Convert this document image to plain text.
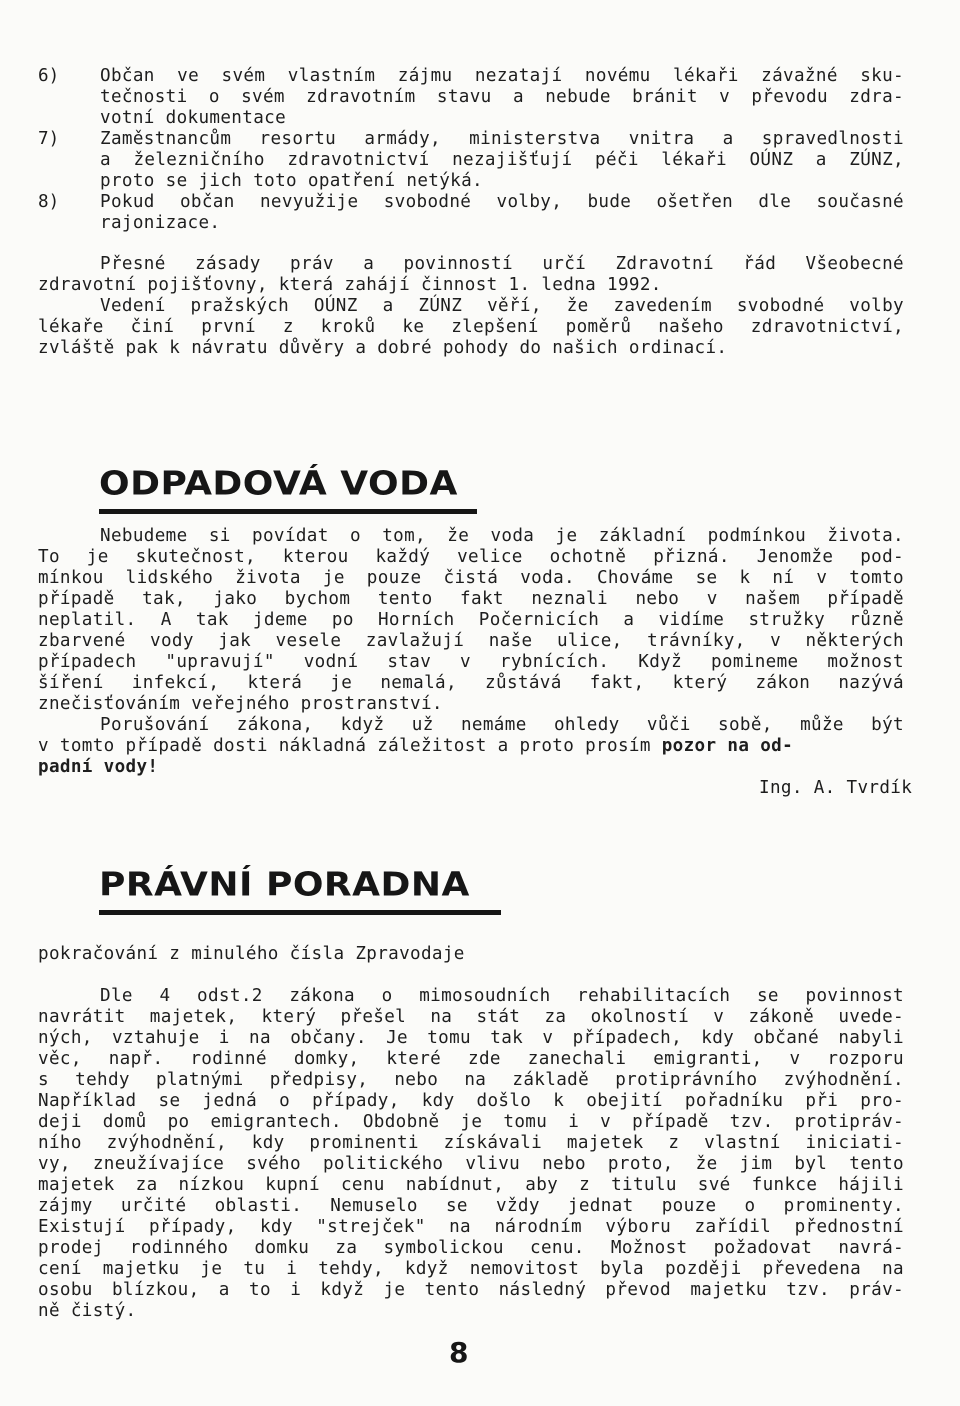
6) Občan ve svém vlastním zájmu nezatají novému lékaři závažné sku-
tečnosti o svém zdravotním stavu a nebude bránit v převodu zdra-
votní dokumentace
7) Zaměstnancům resortu armády, ministerstva vnitra a spravedlnosti
a železničního zdravotnictví nezajišťují péči lékaři OÚNZ a ZÚNZ,
proto se jich toto opatření netýká.
8) Pokud občan nevyužije svobodné volby, bude ošetřen dle současné
rajonizace.
Přesné zásady práv a povinností určí Zdravotní řád Všeobecné
zdravotní pojišťovny, která zahájí činnost 1. ledna 1992.
Vedení pražských OÚNZ a ZÚNZ věří, že zavedením svobodné volby
lékaře činí první z kroků ke zlepšení poměrů našeho zdravotnictví,
zvláště pak k návratu důvěry a dobré pohody do našich ordinací.
ODPADOVÁ VODA
Nebudeme si povídat o tom, že voda je základní podmínkou života.
To je skutečnost, kterou každý velice ochotně přizná. Jenomže pod-
mínkou lidského života je pouze čistá voda. Chováme se k ní v tomto
případě tak, jako bychom tento fakt neznali nebo v našem případě
neplatil. A tak jdeme po Horních Počernicích a vidíme stružky různě
zbarvené vody jak vesele zavlažují naše ulice, trávníky, v některých
případech "upravují" vodní stav v rybnících. Když pomineme možnost
šíření infekcí, která je nemalá, zůstává fakt, který zákon nazývá
znečisťováním veřejného prostranství.
Porušování zákona, když už nemáme ohledy vůči sobě, může být
v tomto případě dosti nákladná záležitost a proto prosím pozor na od-
padní vody!
Ing. A. Tvrdík
PRÁVNÍ PORADNA
pokračování z minulého čísla Zpravodaje
Dle 4 odst.2 zákona o mimosoudních rehabilitacích se povinnost
navrátit majetek, který přešel na stát za okolností v zákoně uvede-
ných, vztahuje i na občany. Je tomu tak v případech, kdy občané nabyli
věc, např. rodinné domky, které zde zanechali emigranti, v rozporu
s tehdy platnými předpisy, nebo na základě protiprávního zvýhodnění.
Například se jedná o případy, kdy došlo k obejití pořadníku při pro-
deji domů po emigrantech. Obdobně je tomu i v případě tzv. protipráv-
ního zvýhodnění, kdy prominenti získávali majetek z vlastní iniciati-
vy, zneužívajíce svého politického vlivu nebo proto, že jim byl tento
majetek za nízkou kupní cenu nabídnut, aby z titulu své funkce hájili
zájmy určité oblasti. Nemuselo se vždy jednat pouze o prominenty.
Existují případy, kdy "strejček" na národním výboru zařídil přednostní
prodej rodinného domku za symbolickou cenu. Možnost požadovat navrá-
cení majetku je tu i tehdy, když nemovitost byla později převedena na
osobu blízkou, a to i když je tento následný převod majetku tzv. práv-
ně čistý.
8
